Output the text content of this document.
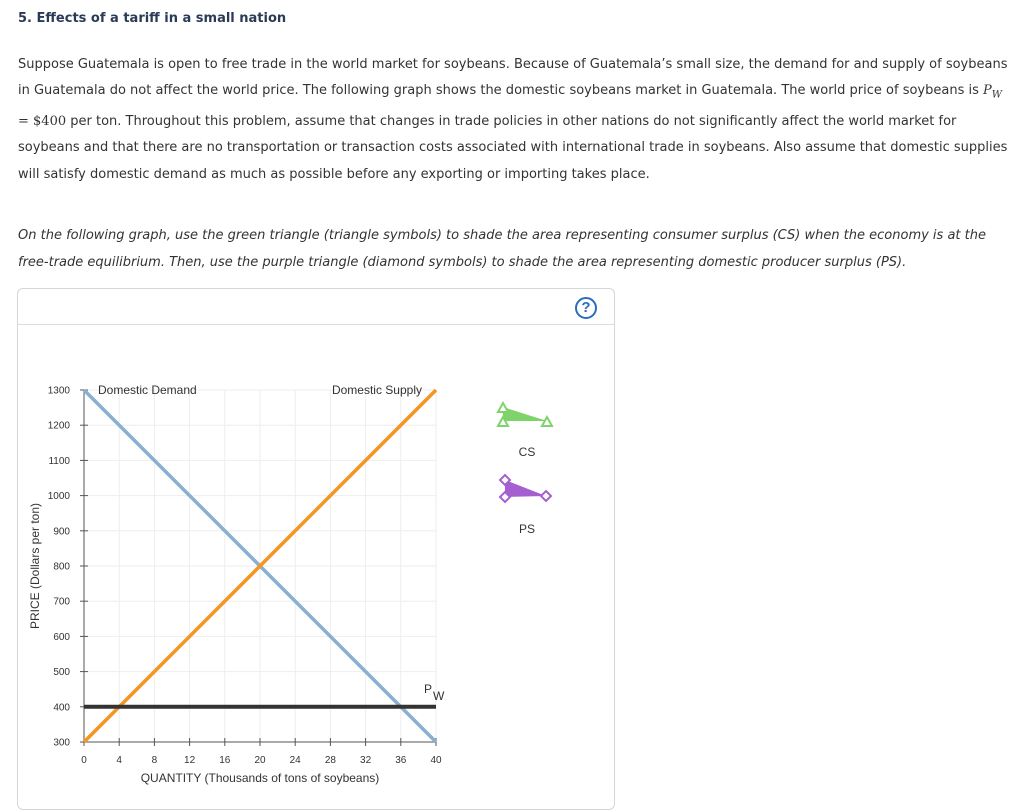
5. Effects of a tariff in a small nation
Suppose Guatemala is open to free trade in the world market for soybeans. Because of Guatemala’s small size, the demand for and supply of soybeans in Guatemala do not affect the world price. The following graph shows the domestic soybeans market in Guatemala. The world price of soybeans is $P_W$ = $400 per ton. Throughout this problem, assume that changes in trade policies in other nations do not significantly affect the world market for soybeans and that there are no transportation or transaction costs associated with international trade in soybeans. Also assume that domestic supplies will satisfy domestic demand as much as possible before any exporting or importing takes place.
On the following graph, use the green triangle (triangle symbols) to shade the area representing consumer surplus (CS) when the economy is at the free-trade equilibrium. Then, use the purple triangle (diamond symbols) to shade the area representing domestic producer surplus (PS).
?
300
400
500
600
700
800
900
1000
1100
1200
1300
0	4	8	12 16 20 24 28 32 36 40
QUANTITY (Thousands of tons of soybeans)
PRICE (Dollars per ton)
Domestic Demand	Domestic Supply
P W
CS
PS
